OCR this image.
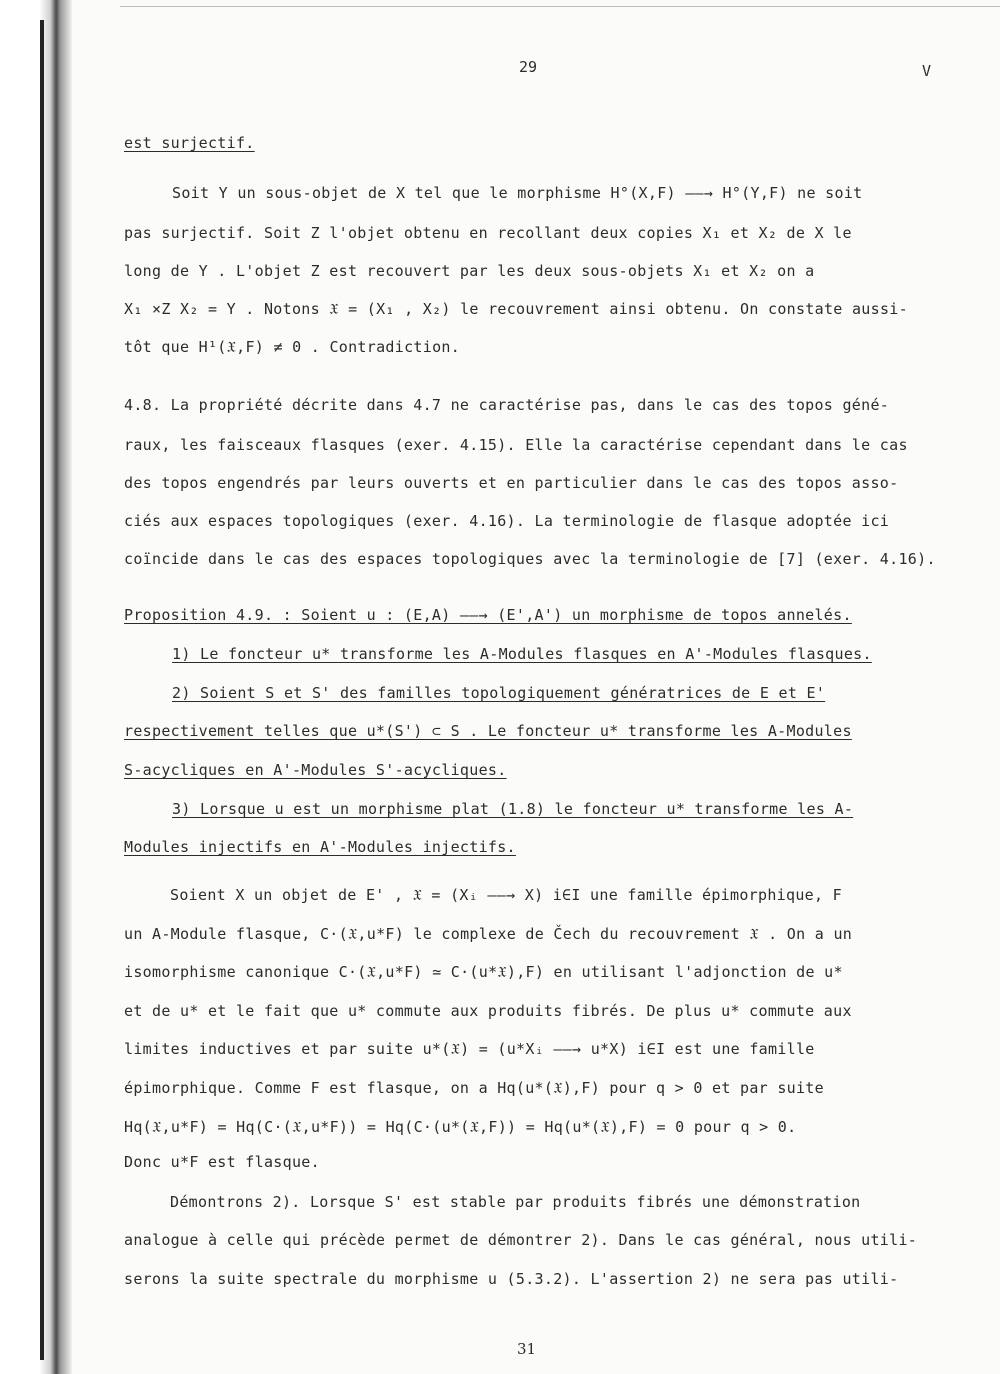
29	V
est surjectif.
Soit Y un sous-objet de X tel que le morphisme H°(X,F) ——→ H°(Y,F) ne soit
pas surjectif. Soit Z l'objet obtenu en recollant deux copies X₁ et X₂ de X le
long de Y . L'objet Z est recouvert par les deux sous-objets X₁ et X₂ on a
X₁ ×Z X₂ = Y . Notons 𝔛 = (X₁ , X₂) le recouvrement ainsi obtenu. On constate aussi-
tôt que H¹(𝔛,F) ≠ 0 . Contradiction.
4.8. La propriété décrite dans 4.7 ne caractérise pas, dans le cas des topos géné-
raux, les faisceaux flasques (exer. 4.15). Elle la caractérise cependant dans le cas
des topos engendrés par leurs ouverts et en particulier dans le cas des topos asso-
ciés aux espaces topologiques (exer. 4.16). La terminologie de flasque adoptée ici
coïncide dans le cas des espaces topologiques avec la terminologie de [7] (exer. 4.16).
Proposition 4.9. : Soient u : (E,A) ——→ (E',A') un morphisme de topos annelés.
1) Le foncteur u* transforme les A-Modules flasques en A'-Modules flasques.
2) Soient S et S' des familles topologiquement génératrices de E et E'
respectivement telles que u*(S') ⊂ S . Le foncteur u* transforme les A-Modules
S-acycliques en A'-Modules S'-acycliques.
3) Lorsque u est un morphisme plat (1.8) le foncteur u* transforme les A-
Modules injectifs en A'-Modules injectifs.
Soient X un objet de E' , 𝔛 = (Xᵢ ——→ X) i∈I une famille épimorphique, F
un A-Module flasque, C·(𝔛,u*F) le complexe de Čech du recouvrement 𝔛 . On a un
isomorphisme canonique C·(𝔛,u*F) ≃ C·(u*𝔛),F) en utilisant l'adjonction de u*
et de u* et le fait que u* commute aux produits fibrés. De plus u* commute aux
limites inductives et par suite u*(𝔛) = (u*Xᵢ ——→ u*X) i∈I est une famille
épimorphique. Comme F est flasque, on a Hq(u*(𝔛),F) pour q > 0 et par suite
Hq(𝔛,u*F) = Hq(C·(𝔛,u*F)) = Hq(C·(u*(𝔛,F)) = Hq(u*(𝔛),F) = 0 pour q > 0.
Donc u*F est flasque.
Démontrons 2). Lorsque S' est stable par produits fibrés une démonstration
analogue à celle qui précède permet de démontrer 2). Dans le cas général, nous utili-
serons la suite spectrale du morphisme u (5.3.2). L'assertion 2) ne sera pas utili-
31
